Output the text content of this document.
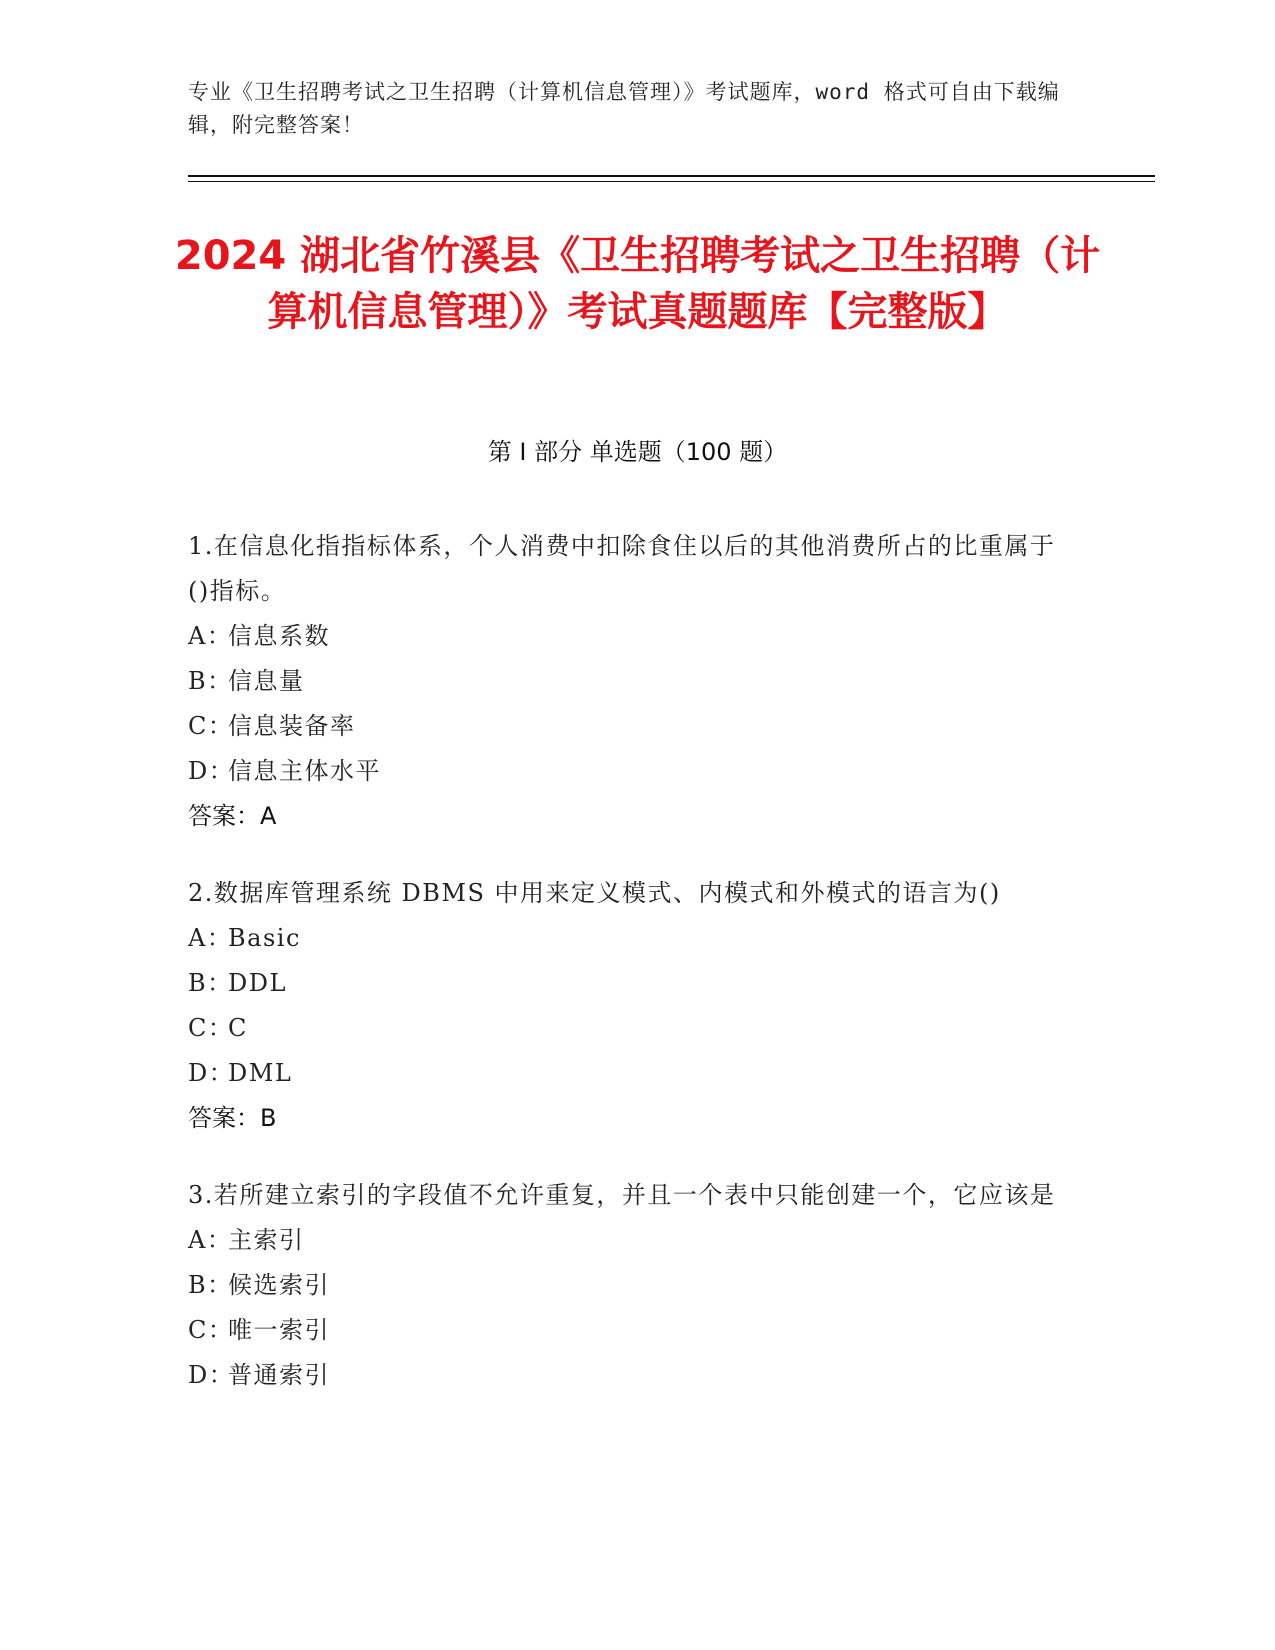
专业《卫生招聘考试之卫生招聘（计算机信息管理）》考试题库，word 格式可自由下载编辑，附完整答案！
2024 湖北省竹溪县《卫生招聘考试之卫生招聘（计算机信息管理）》考试真题题库【完整版】
第 I 部分 单选题（100 题）
1.在信息化指指标体系，个人消费中扣除食住以后的其他消费所占的比重属于()指标。
A：信息系数
B：信息量
C：信息装备率
D：信息主体水平
答案：A
2.数据库管理系统 DBMS 中用来定义模式、内模式和外模式的语言为()
A：Basic
B：DDL
C：C
D：DML
答案：B
3.若所建立索引的字段值不允许重复，并且一个表中只能创建一个，它应该是
A：主索引
B：候选索引
C：唯一索引
D：普通索引
